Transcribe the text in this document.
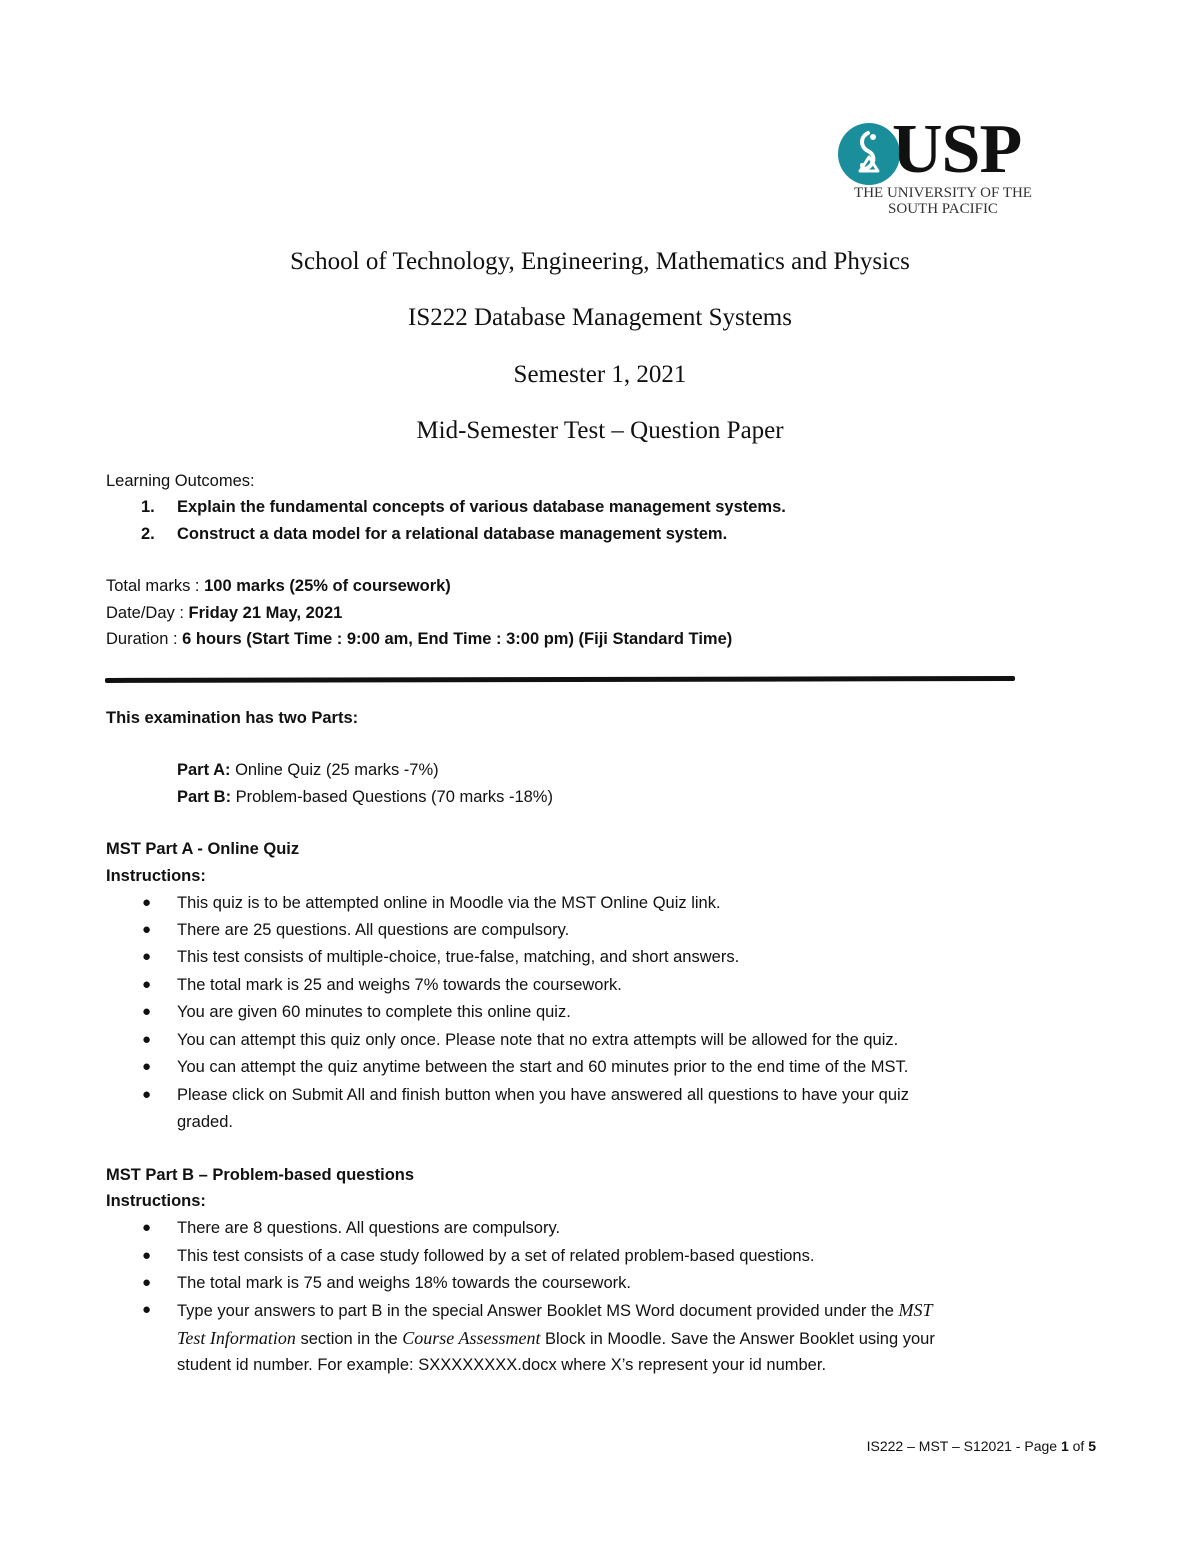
USP
THE UNIVERSITY OF THE
SOUTH PACIFIC
School of Technology, Engineering, Mathematics and Physics
IS222 Database Management Systems
Semester 1, 2021
Mid-Semester Test – Question Paper
Learning Outcomes:
1. Explain the fundamental concepts of various database management systems.
2. Construct a data model for a relational database management system.
Total marks : 100 marks (25% of coursework)
Date/Day : Friday 21 May, 2021
Duration : 6 hours (Start Time : 9:00 am, End Time : 3:00 pm) (Fiji Standard Time)
This examination has two Parts:
Part A: Online Quiz (25 marks -7%)
Part B: Problem-based Questions (70 marks -18%)
MST Part A - Online Quiz
Instructions:
● This quiz is to be attempted online in Moodle via the MST Online Quiz link.
● There are 25 questions. All questions are compulsory.
● This test consists of multiple-choice, true-false, matching, and short answers.
● The total mark is 25 and weighs 7% towards the coursework.
● You are given 60 minutes to complete this online quiz.
● You can attempt this quiz only once. Please note that no extra attempts will be allowed for the quiz.
● You can attempt the quiz anytime between the start and 60 minutes prior to the end time of the MST.
● Please click on Submit All and finish button when you have answered all questions to have your quiz
graded.
MST Part B – Problem-based questions
Instructions:
● There are 8 questions. All questions are compulsory.
● This test consists of a case study followed by a set of related problem-based questions.
● The total mark is 75 and weighs 18% towards the coursework.
● Type your answers to part B in the special Answer Booklet MS Word document provided under the MST
Test Information section in the Course Assessment Block in Moodle. Save the Answer Booklet using your
student id number. For example: SXXXXXXXX.docx where X’s represent your id number.
IS222 – MST – S12021 - Page 1 of 5
